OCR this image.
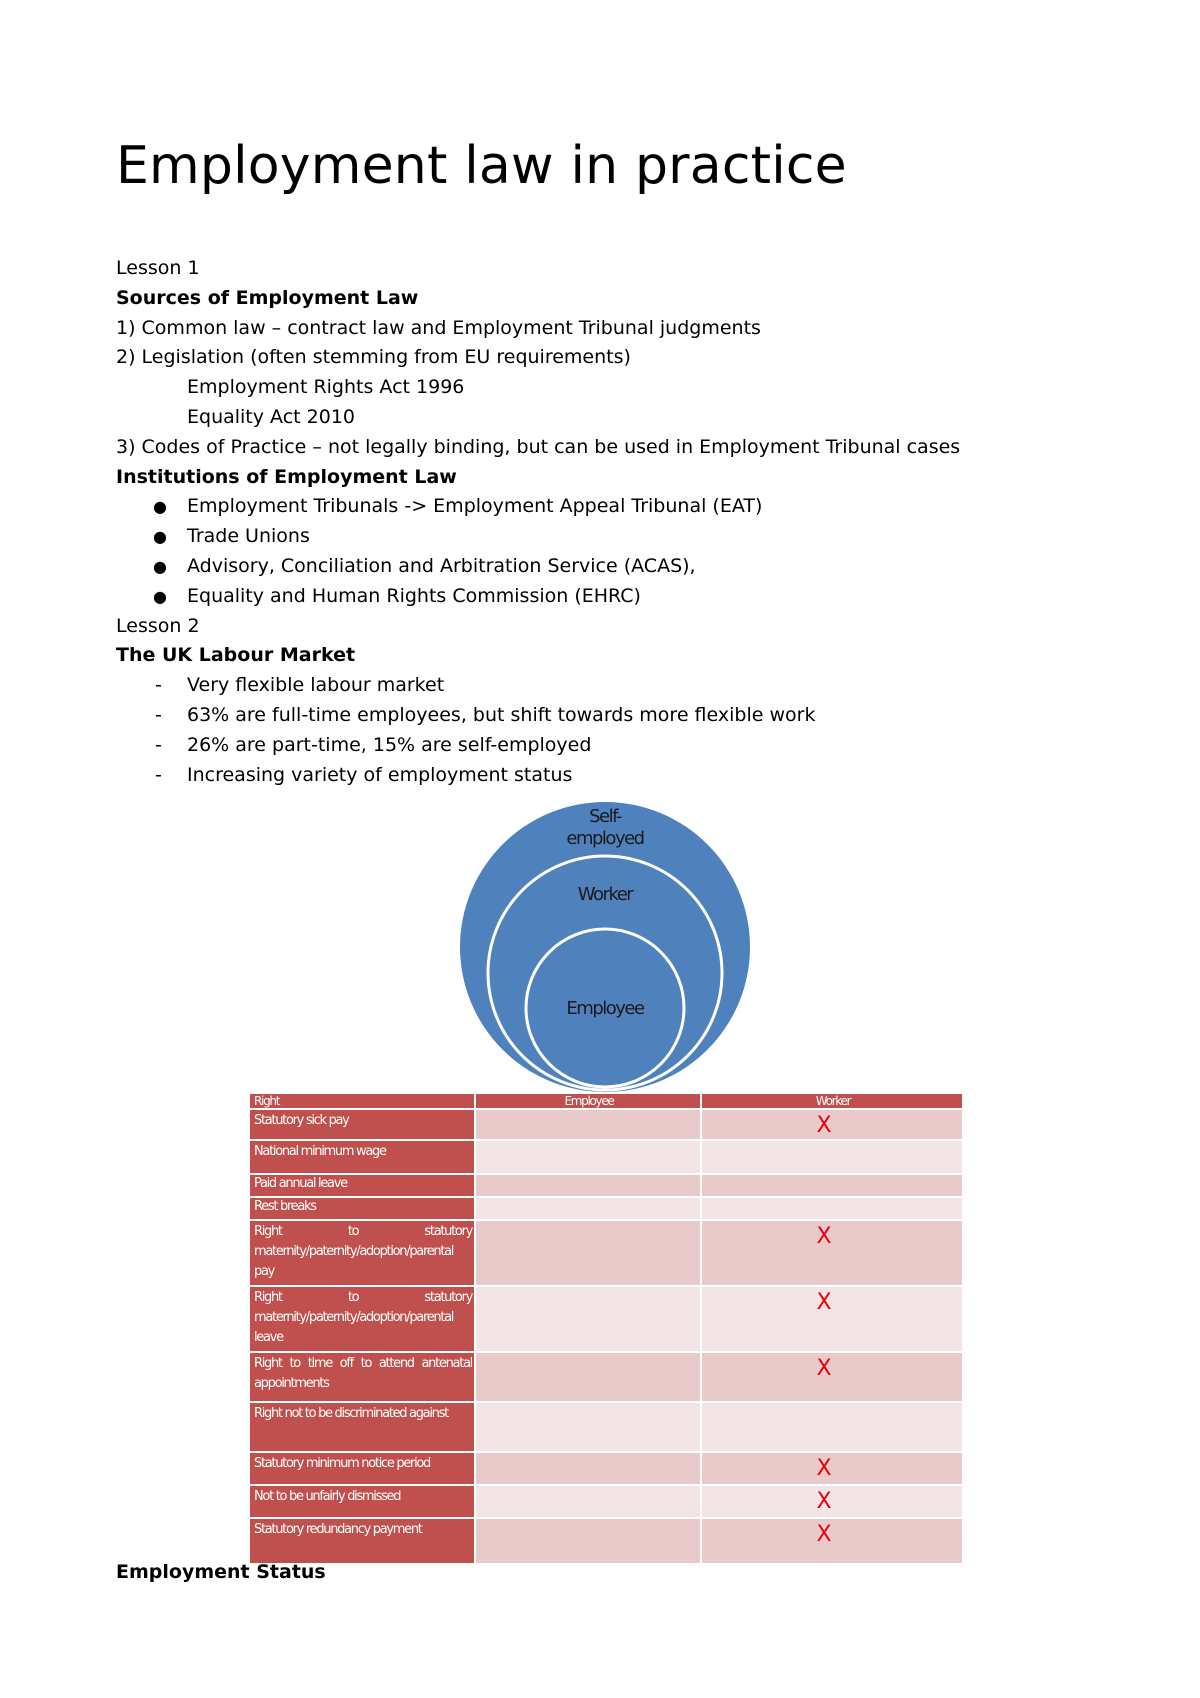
Employment law in practice
Lesson 1
Sources of Employment Law
1) Common law – contract law and Employment Tribunal judgments
2) Legislation (often stemming from EU requirements)
Employment Rights Act 1996
Equality Act 2010
3) Codes of Practice – not legally binding, but can be used in Employment Tribunal cases
Institutions of Employment Law
● Employment Tribunals -> Employment Appeal Tribunal (EAT)
● Trade Unions
● Advisory, Conciliation and Arbitration Service (ACAS),
● Equality and Human Rights Commission (EHRC)
Lesson 2
The UK Labour Market
- Very flexible labour market
- 63% are full-time employees, but shift towards more flexible work
- 26% are part-time, 15% are self-employed
- Increasing variety of employment status
Self-
employed
Worker
Employee
Right	Employee	Worker
Statutory sick pay		X
National minimum wage		
Paid annual leave		
Rest breaks		
Right to statutory maternity/paternity/adoption/parental pay		X
Right to statutory maternity/paternity/adoption/parental leave		X
Right to time off to attend antenatal appointments		X
Right not to be discriminated against		
Statutory minimum notice period		X
Not to be unfairly dismissed		X
Statutory redundancy payment		X
Employment Status
